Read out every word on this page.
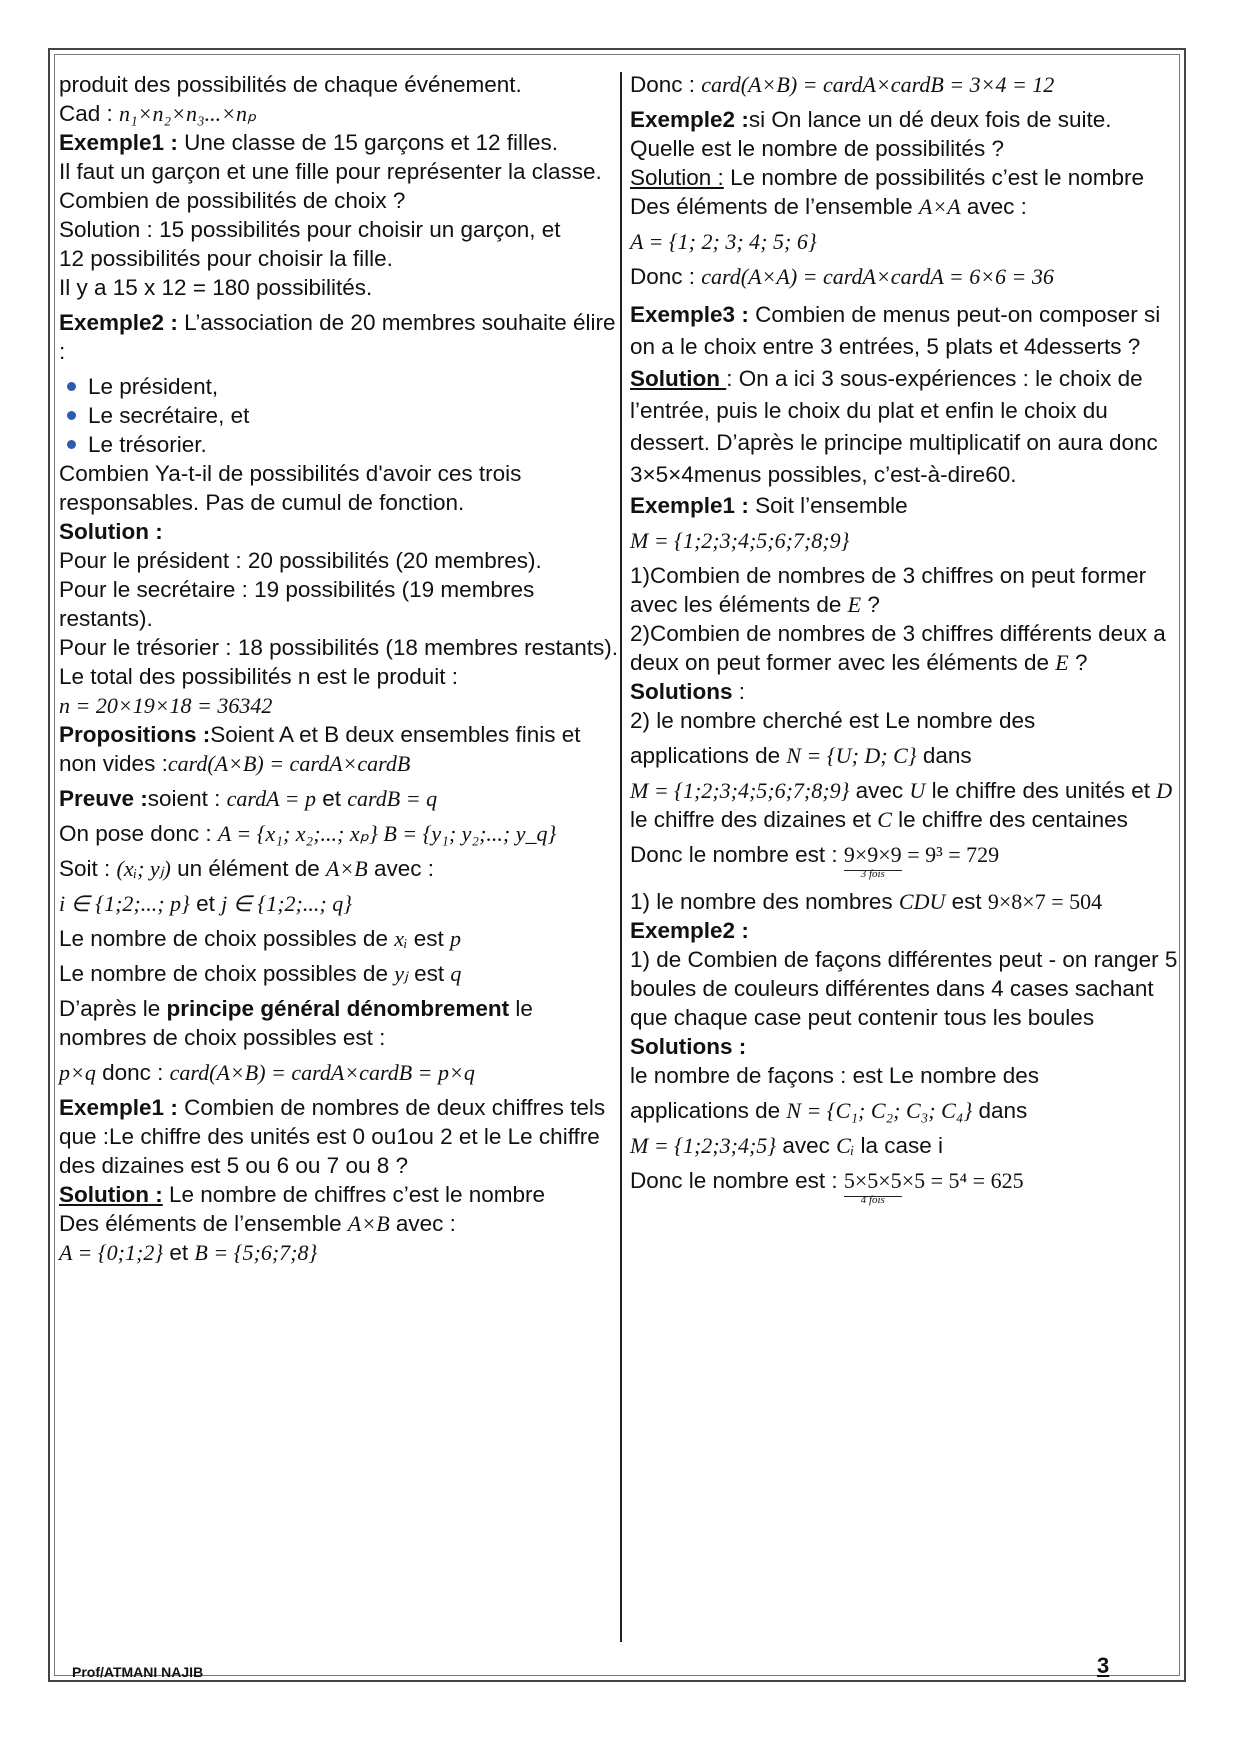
produit des possibilités de chaque événement.

Cad : n₁×n₂×n₃...×nₚ

Exemple1 : Une classe de 15 garçons et 12 filles.

Il faut un garçon et une fille pour représenter la classe.

Combien de possibilités de choix ?

Solution : 15 possibilités pour choisir un garçon, et

12 possibilités pour choisir la fille.

Il y a 15 x 12 = 180 possibilités.

Exemple2 : L’association de 20 membres souhaite élire :

Le président,
Le secrétaire, et
Le trésorier.

Combien Ya-t-il de possibilités d'avoir ces trois responsables. Pas de cumul de fonction.

Solution :

Pour le président : 20 possibilités (20 membres).

Pour le secrétaire : 19 possibilités (19 membres restants).

Pour le trésorier : 18 possibilités (18 membres restants).

Le total des possibilités n est le produit :

n = 20×19×18 = 36342

Propositions :Soient A et B deux ensembles finis et non vides :card(A×B) = cardA×cardB

Preuve :soient : cardA = p et cardB = q

On pose donc : A = {x₁; x₂;...; xₚ} B = {y₁; y₂;...; y_q}

Soit : (xᵢ; yⱼ) un élément de A×B avec :

i ∈ {1;2;...; p} et j ∈ {1;2;...; q}

Le nombre de choix possibles de xᵢ est p

Le nombre de choix possibles de yⱼ est q

D’après le principe général dénombrement le nombres de choix possibles est :

p×q donc : card(A×B) = cardA×cardB = p×q

Exemple1 : Combien de nombres de deux chiffres tels que :Le chiffre des unités est 0 ou1ou 2 et le Le chiffre des dizaines est 5 ou 6 ou 7 ou 8 ?

Solution : Le nombre de chiffres c’est le nombre

Des éléments de l’ensemble A×B avec :

A = {0;1;2} et B = {5;6;7;8}

Donc : card(A×B) = cardA×cardB = 3×4 = 12

Exemple2 :si On lance un dé deux fois de suite.

Quelle est le nombre de possibilités ?

Solution : Le nombre de possibilités c’est le nombre

Des éléments de l’ensemble A×A avec :

A = {1; 2; 3; 4; 5; 6}

Donc : card(A×A) = cardA×cardA = 6×6 = 36

Exemple3 : Combien de menus peut-on composer si on a le choix entre 3 entrées, 5 plats et 4desserts ?

Solution : On a ici 3 sous-expériences : le choix de l’entrée, puis le choix du plat et enfin le choix du dessert. D’après le principe multiplicatif on aura donc 3×5×4menus possibles, c’est-à-dire60.

Exemple1 : Soit l’ensemble

M = {1;2;3;4;5;6;7;8;9}

1)Combien de nombres de 3 chiffres on peut former avec les éléments de E ?

2)Combien de nombres de 3 chiffres différents deux a deux on peut former avec les éléments de E ?

Solutions :

2) le nombre cherché est Le nombre des

applications de N = {U; D; C} dans

M = {1;2;3;4;5;6;7;8;9} avec U le chiffre des unités et D le chiffre des dizaines et C le chiffre des centaines

Donc le nombre est : 9×9×9
3 fois
= 9³ = 729

1) le nombre des nombres CDU est 9×8×7 = 504

Exemple2 :

1) de Combien de façons différentes peut - on ranger 5 boules de couleurs différentes dans 4 cases sachant que chaque case peut contenir tous les boules

Solutions :

le nombre de façons : est Le nombre des

applications de N = {C₁; C₂; C₃; C₄} dans

M = {1;2;3;4;5} avec Cᵢ la case i

Donc le nombre est : 5×5×5
4 fois
×5 = 5⁴ = 625

Prof/ATMANI NAJIB	3
